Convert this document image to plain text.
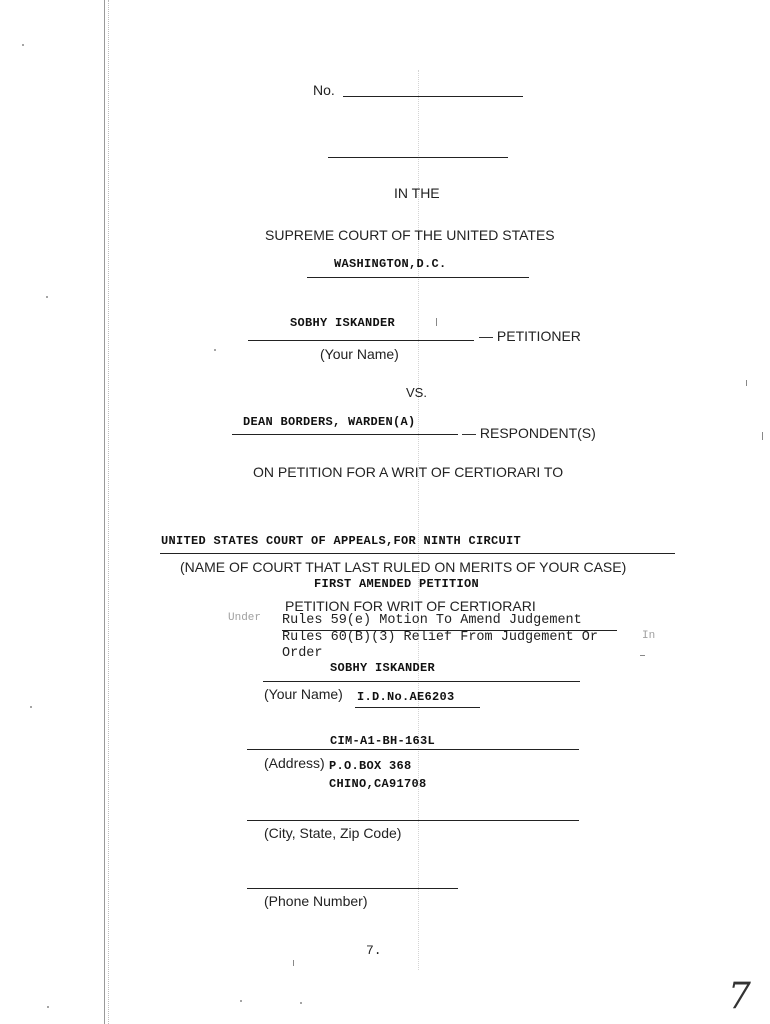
No.
IN THE
SUPREME COURT OF THE UNITED STATES
WASHINGTON,D.C.
SOBHY ISKANDER
— PETITIONER
(Your Name)
VS.
DEAN BORDERS, WARDEN(A)
— RESPONDENT(S)
ON PETITION FOR A WRIT OF CERTIORARI TO
UNITED STATES COURT OF APPEALS,FOR NINTH CIRCUIT
(NAME OF COURT THAT LAST RULED ON MERITS OF YOUR CASE)
FIRST AMENDED PETITION
PETITION FOR WRIT OF CERTIORARI
Under Rules 59(e) Motion To Amend Judgement
Rules 60(B)(3) Relief From Judgement Or	In
Order
SOBHY ISKANDER
(Your Name) I.D.No.AE6203
CIM-A1-BH-163L
(Address) P.O.BOX 368
CHINO,CA91708
(City, State, Zip Code)
(Phone Number)
7.
7
